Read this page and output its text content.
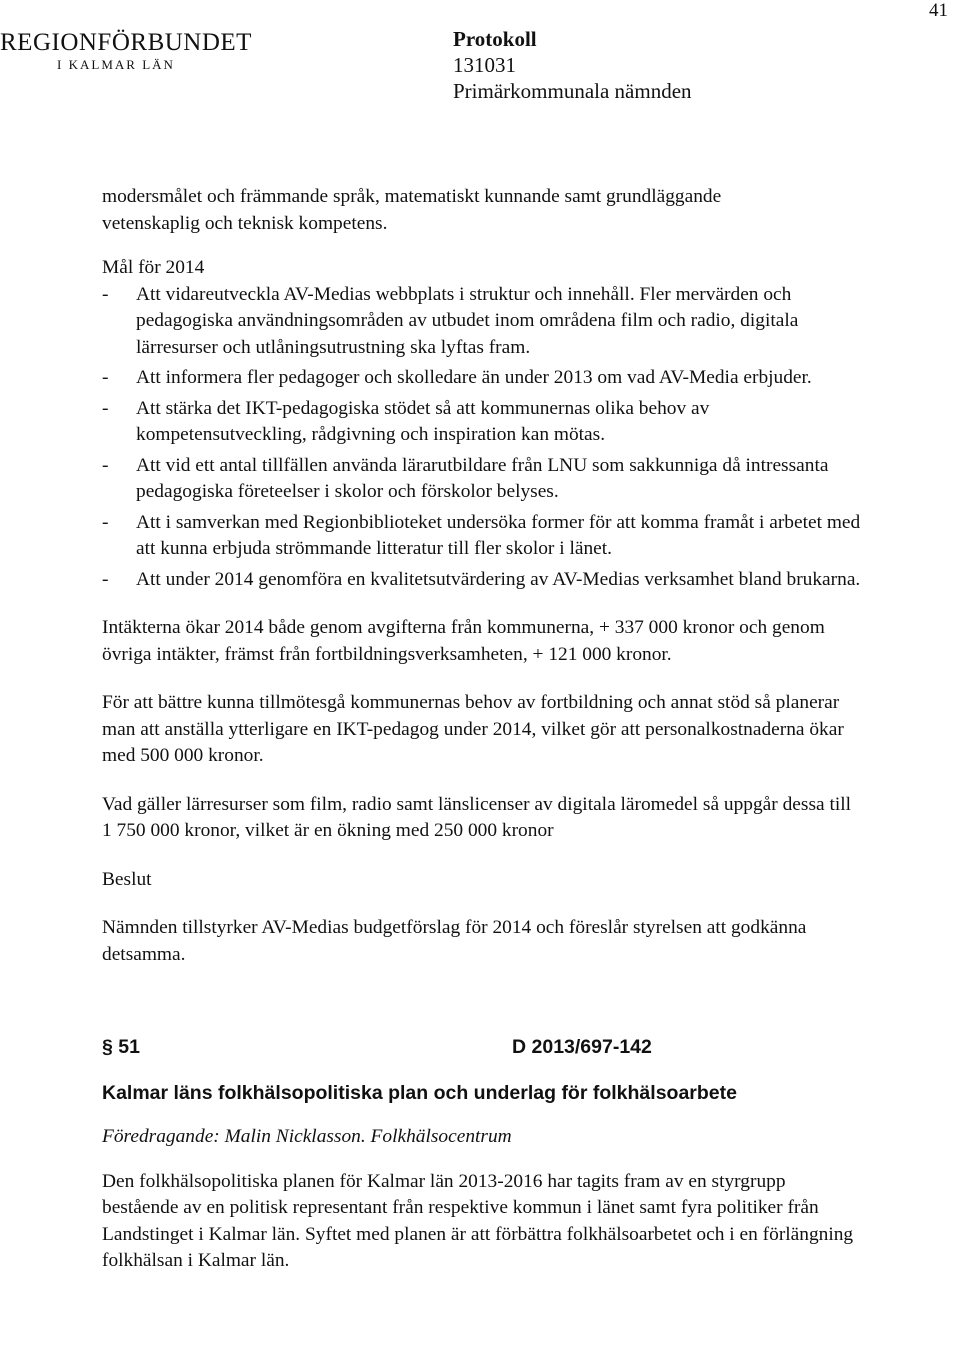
41
REGIONFÖRBUNDET
I KALMAR LÄN
Protokoll
131031
Primärkommunala nämnden

modersmålet och främmande språk, matematiskt kunnande samt grundläggande
vetenskaplig och teknisk kompetens.

Mål för 2014

- Att vidareutveckla AV-Medias webbplats i struktur och innehåll. Fler mervärden och pedagogiska användningsområden av utbudet inom områdena film och radio, digitala lärresurser och utlåningsutrustning ska lyftas fram.
- Att informera fler pedagoger och skolledare än under 2013 om vad AV-Media erbjuder.
- Att stärka det IKT-pedagogiska stödet så att kommunernas olika behov av kompetensutveckling, rådgivning och inspiration kan mötas.
- Att vid ett antal tillfällen använda lärarutbildare från LNU som sakkunniga då intressanta pedagogiska företeelser i skolor och förskolor belyses.
- Att i samverkan med Regionbiblioteket undersöka former för att komma framåt i arbetet med att kunna erbjuda strömmande litteratur till fler skolor i länet.
- Att under 2014 genomföra en kvalitetsutvärdering av AV-Medias verksamhet bland brukarna.

Intäkterna ökar 2014 både genom avgifterna från kommunerna, + 337 000 kronor och genom övriga intäkter, främst från fortbildningsverksamheten, + 121 000 kronor.

För att bättre kunna tillmötesgå kommunernas behov av fortbildning och annat stöd så planerar man att anställa ytterligare en IKT-pedagog under 2014, vilket gör att personalkostnaderna ökar med 500 000 kronor.

Vad gäller lärresurser som film, radio samt länslicenser av digitala läromedel så uppgår dessa till 1 750 000 kronor, vilket är en ökning med 250 000 kronor

Beslut

Nämnden tillstyrker AV-Medias budgetförslag för 2014 och föreslår styrelsen att godkänna detsamma.

§ 51	D 2013/697-142

Kalmar läns folkhälsopolitiska plan och underlag för folkhälsoarbete

Föredragande: Malin Nicklasson. Folkhälsocentrum

Den folkhälsopolitiska planen för Kalmar län 2013-2016 har tagits fram av en styrgrupp bestående av en politisk representant från respektive kommun i länet samt fyra politiker från Landstinget i Kalmar län. Syftet med planen är att förbättra folkhälsoarbetet och i en förlängning folkhälsan i Kalmar län.
